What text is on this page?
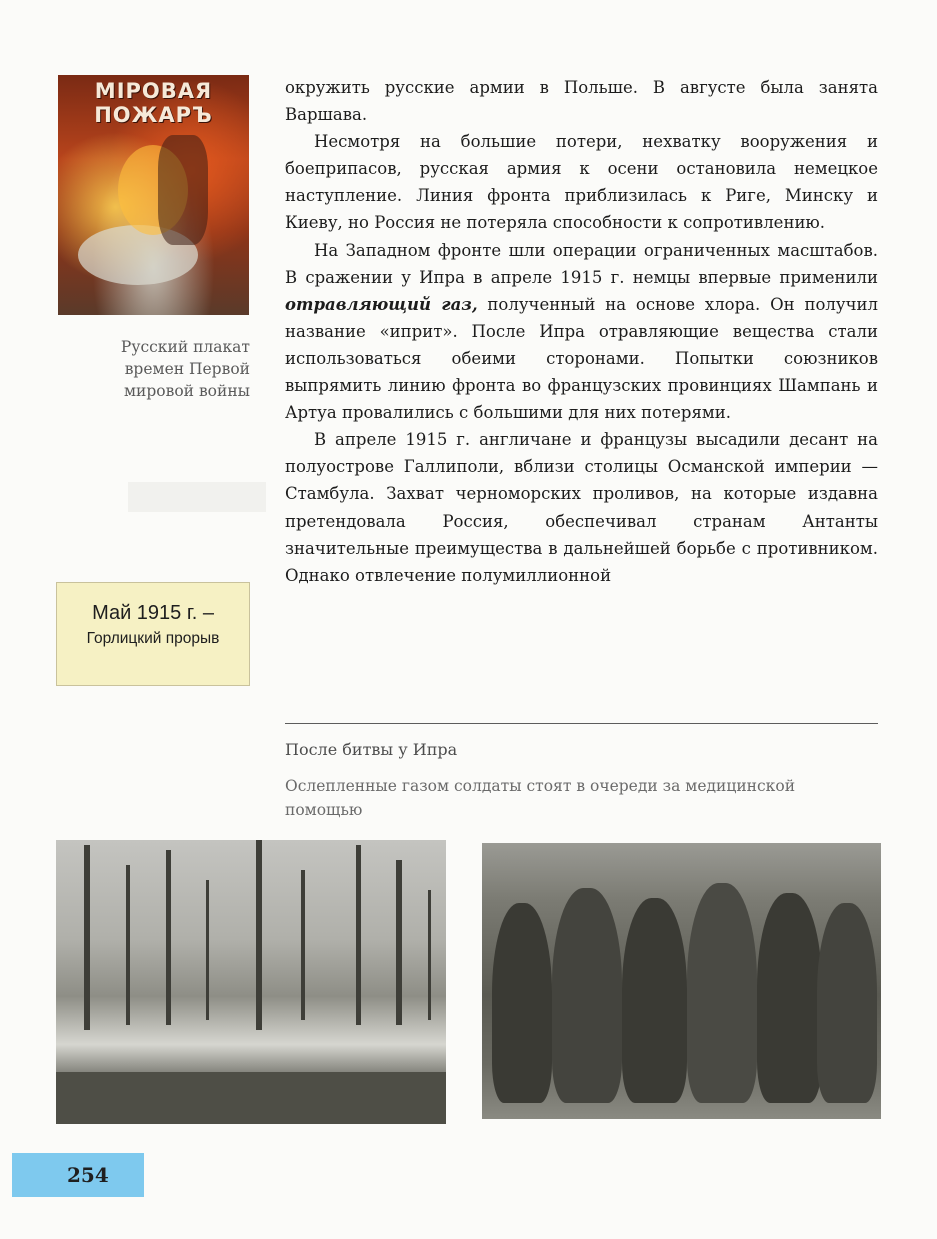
МІРОВАЯ ПОЖАРЪ
Русский плакат
времен Первой
мировой войны
Май 1915 г. –
Горлицкий прорыв

окружить русские армии в Польше. В августе была занята Варшава.

Несмотря на большие потери, нехватку вооружения и боеприпасов, русская армия к осени остановила немецкое наступление. Линия фронта приблизилась к Риге, Минску и Киеву, но Россия не потеряла способности к сопротивлению.

На Западном фронте шли операции ограниченных масштабов. В сражении у Ипра в апреле 1915 г. немцы впервые применили отравляющий газ, полученный на основе хлора. Он получил название «иприт». После Ипра отравляющие вещества стали использоваться обеими сторонами. Попытки союзников выпрямить линию фронта во французских провинциях Шампань и Артуа провалились с большими для них потерями.

В апреле 1915 г. англичане и французы высадили десант на полуострове Галлиполи, вблизи столицы Османской империи — Стамбула. Захват черноморских проливов, на которые издавна претендовала Россия, обеспечивал странам Антанты значительные преимущества в дальнейшей борьбе с противником. Однако отвлечение полумиллионной

После битвы у Ипра
Ослепленные газом солдаты стоят в очереди за медицинской помощью
254
